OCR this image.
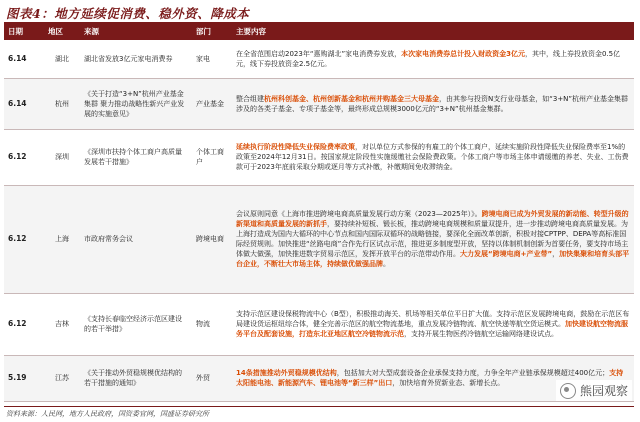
图表4：地方延续促消费、稳外资、降成本
日期	地区	来源	部门	主要内容
6.14	湖北	湖北省发放3亿元家电消费券	家电	在全省范围启动2023年“惠购湖北”家电消费券发放，本次家电消费券总计投入财政资金3亿元，其中，线上券投放资金0.5亿元，线下券投放资金2.5亿元。
6.14	杭州	《关于打造“3+N”杭州产业基金集群 聚力推动战略性新兴产业发展的实施意见》	产业基金	整合组建杭州科创基金、杭州创新基金和杭州并购基金三大母基金，由其参与投资N支行业母基金，如“3+N”杭州产业基金集群涉及的各类子基金、专项子基金等，最终形成总规模3000亿元的“3+N”杭州基金集群。
6.12	深圳	《深圳市扶持个体工商户高质量发展若干措施》	个体工商户	延续执行阶段性降低失业保险费率政策，对以单位方式参保的有雇工的个体工商户，延续实施阶段性降低失业保险费率至1%的政策至2024年12月31日。按国家规定阶段性实施缓缴社会保险费政策。个体工商户等市场主体申请缓缴的养老、失业、工伤费款可于2023年底前采取分期或逐月等方式补缴，补缴期间免收滞纳金。
6.12	上海	市政府常务会议	跨境电商	会议原则同意《上海市推进跨境电商高质量发展行动方案（2023—2025年）》。跨境电商已成为外贸发展的新动能、转型升级的新渠道和高质量发展的新抓手，要持续补短板、锻长板，推动跨境电商规模和质量双提升，进一步推动跨境电商高质量发展。为上海打造成为国内大循环的中心节点和国内国际双循环的战略链接，要深化全面改革创新，积极对接CPTPP、DEPA等高标准国际经贸规则。加快推进“丝路电商”合作先行区试点示范，推进更多制度型开放，坚持以体制机制创新为首要任务，要支持市场主体做大做强，加快推进数字贸易示范区，发挥开放平台的示范带动作用。大力发展“跨境电商+产业带”，加快集聚和培育头部平台企业，不断壮大市场主体，持续做优做强品牌。
6.12	吉林	《支持长春临空经济示范区建设的若干举措》	物流	支持示范区建设保税物流中心（B型），积极推动海关、机场等相关单位平日扩大值。支持示范区发展跨境电商，鼓励在示范区布局建设货运枢纽综合体，健全完善示范区的航空物流基地，重点发展冷链物流、航空快递等航空货运模式。加快建设航空物流服务平台及配套设施，打造东北亚地区航空冷链物流示范，支持开展生物医药冷链航空运输网络建设试点。
5.19	江苏	《关于推动外贸稳规模优结构的若干措施的通知》	外贸	14条措施推动外贸稳规模优结构，包括加大对大型成套设备企业承保支持力度，力争全年产业链承保规模超过400亿元；支持太阳能电池、新能源汽车、锂电池等“新三样”出口，加快培育外贸新业态、新增长点。
资料来源：人民网，地方人民政府，国资委官网，国盛证券研究所
熊园观察
